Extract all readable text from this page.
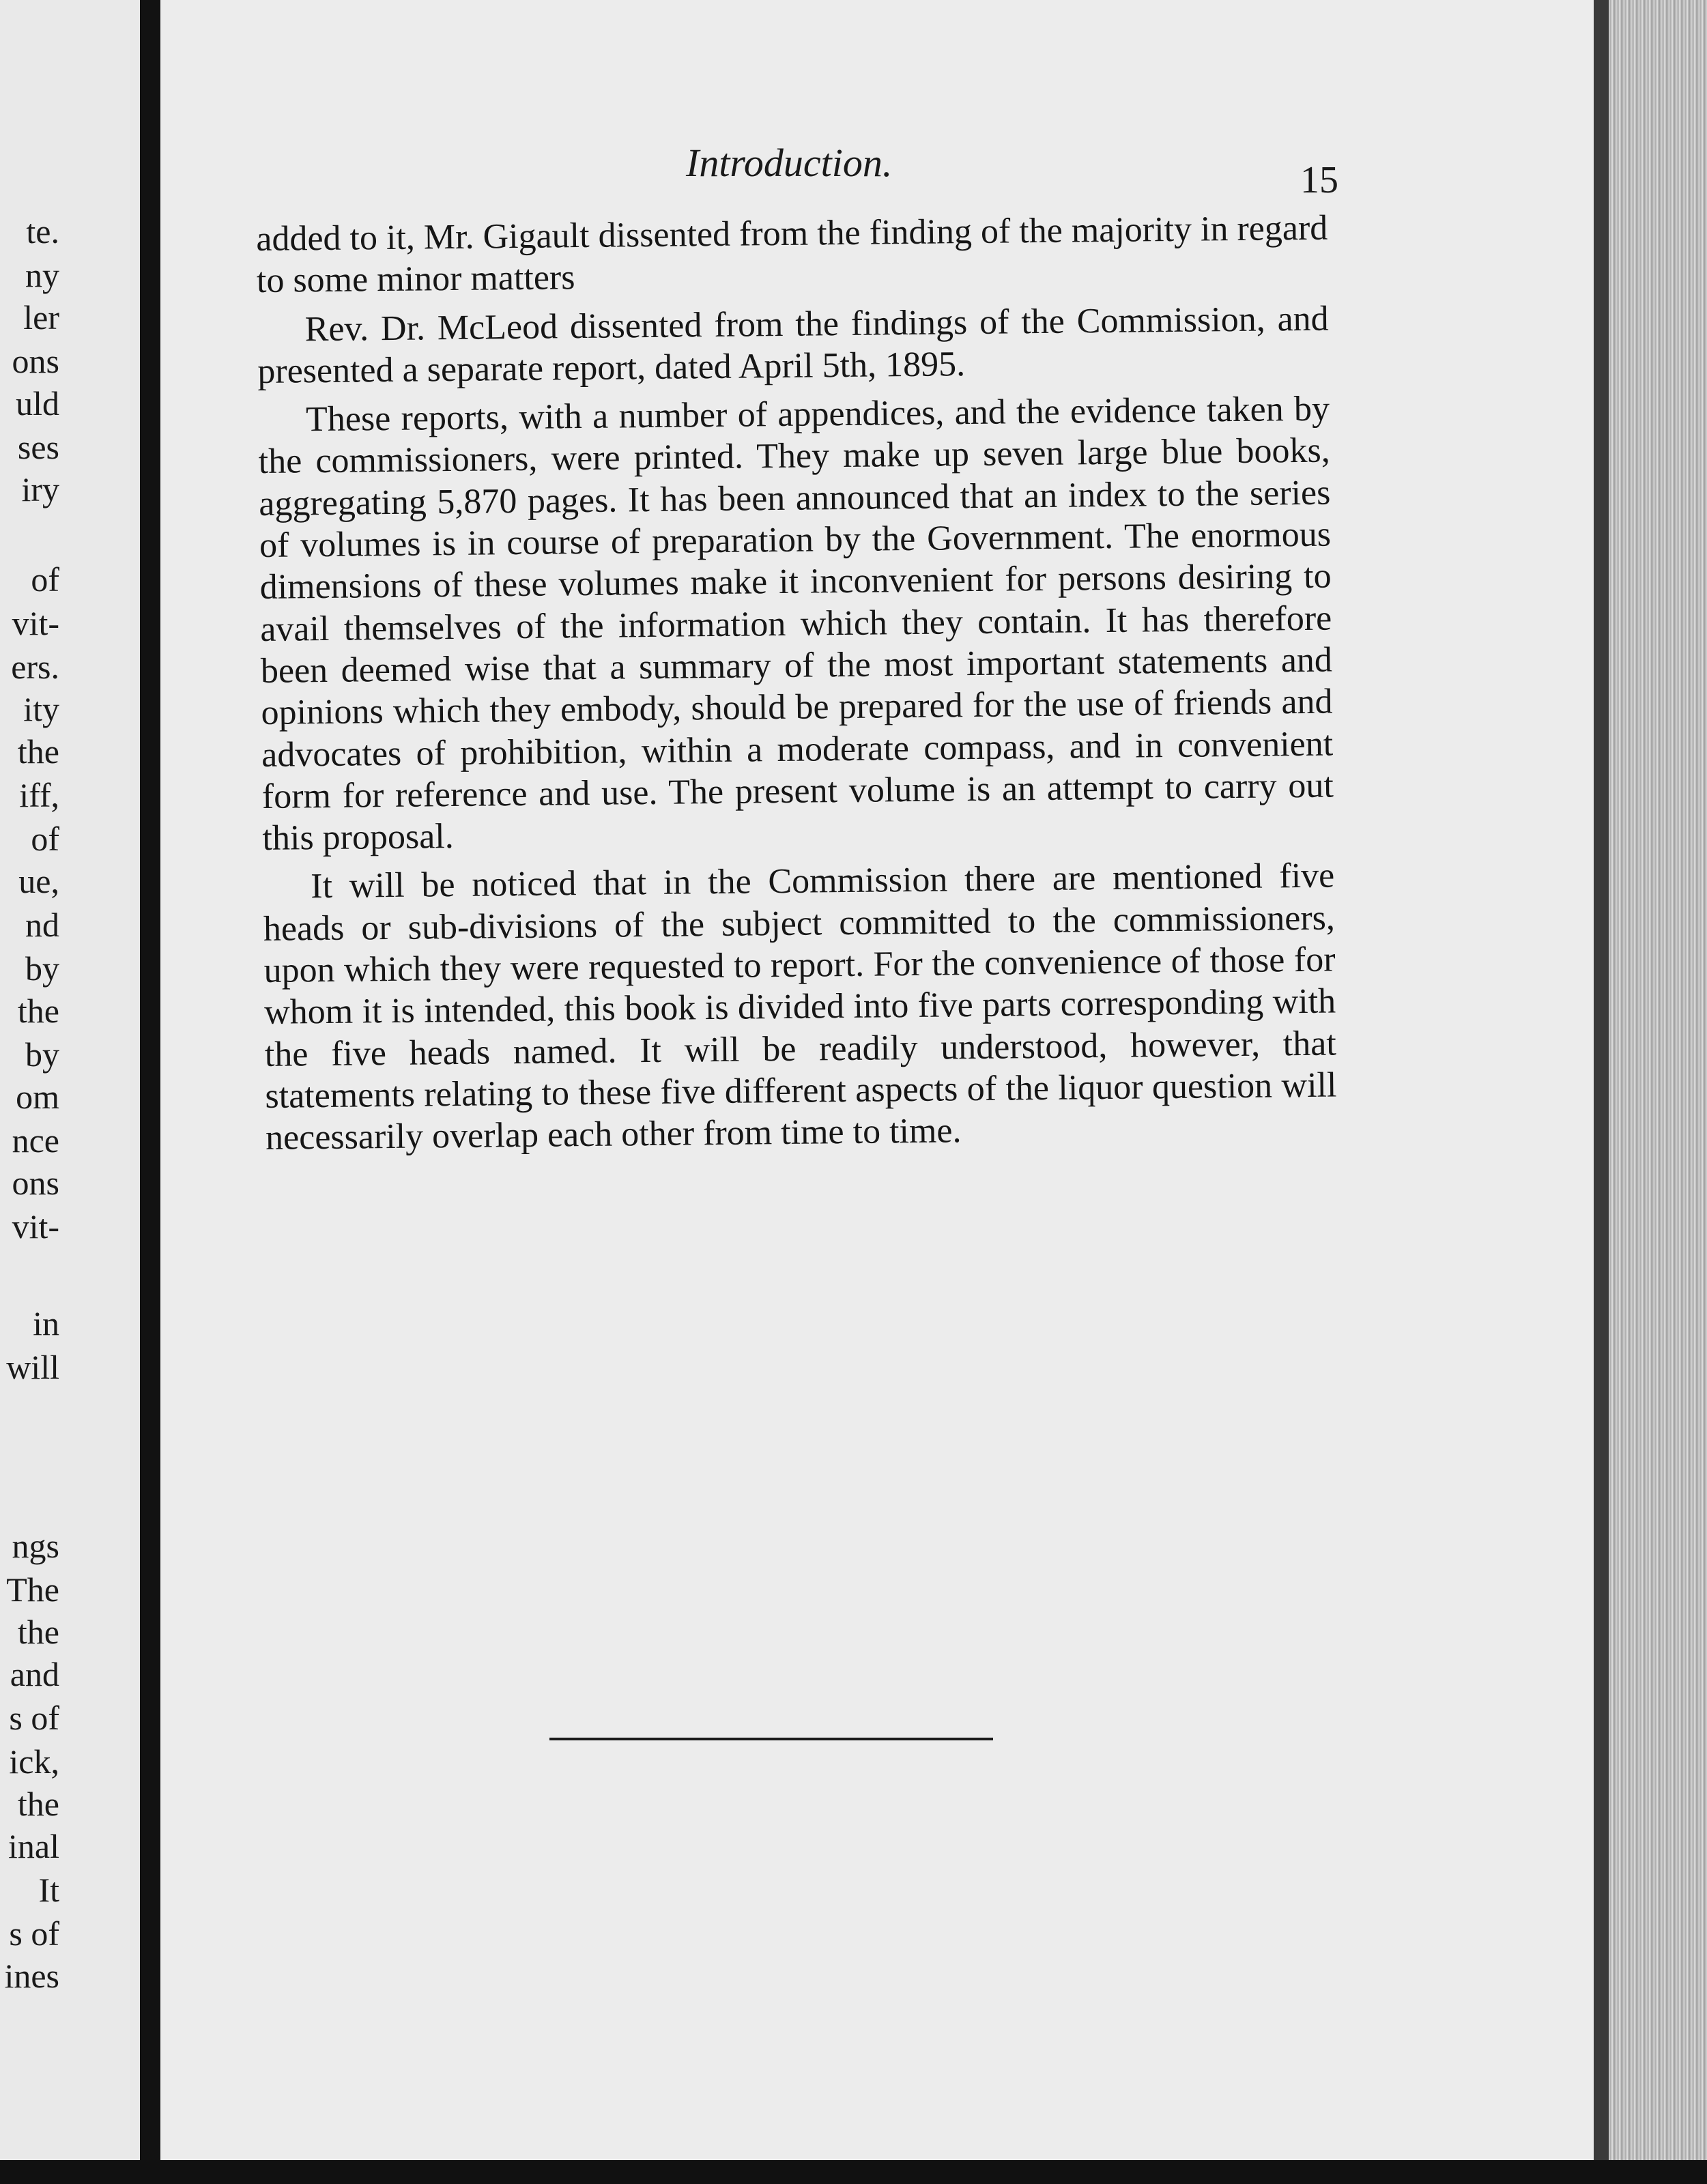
te.

ny

ler

ons

uld

ses

iry

of

vit-

ers.

ity

the

iff,

of

ue,

nd

by

the

by

om

nce

ons

vit-

in

will

ngs

The

the

and

s of

ick,

the

inal

It

s of

ines

Introduction.	15

added to it, Mr. Gigault dissented from the finding of the majority in regard to some minor matters

Rev. Dr. McLeod dissented from the findings of the Commission, and presented a separate report, dated April 5th, 1895.

These reports, with a number of appendices, and the evidence taken by the commissioners, were printed. They make up seven large blue books, aggregating 5,870 pages. It has been announced that an index to the series of volumes is in course of preparation by the Government. The enormous dimensions of these volumes make it inconvenient for persons desiring to avail themselves of the information which they contain. It has therefore been deemed wise that a summary of the most important statements and opinions which they embody, should be prepared for the use of friends and advocates of prohibition, within a moderate compass, and in convenient form for reference and use. The present volume is an attempt to carry out this proposal.

It will be noticed that in the Commission there are mentioned five heads or sub-divisions of the subject committed to the commissioners, upon which they were requested to report. For the convenience of those for whom it is intended, this book is divided into five parts corresponding with the five heads named. It will be readily understood, however, that statements relating to these five different aspects of the liquor question will necessarily overlap each other from time to time.
